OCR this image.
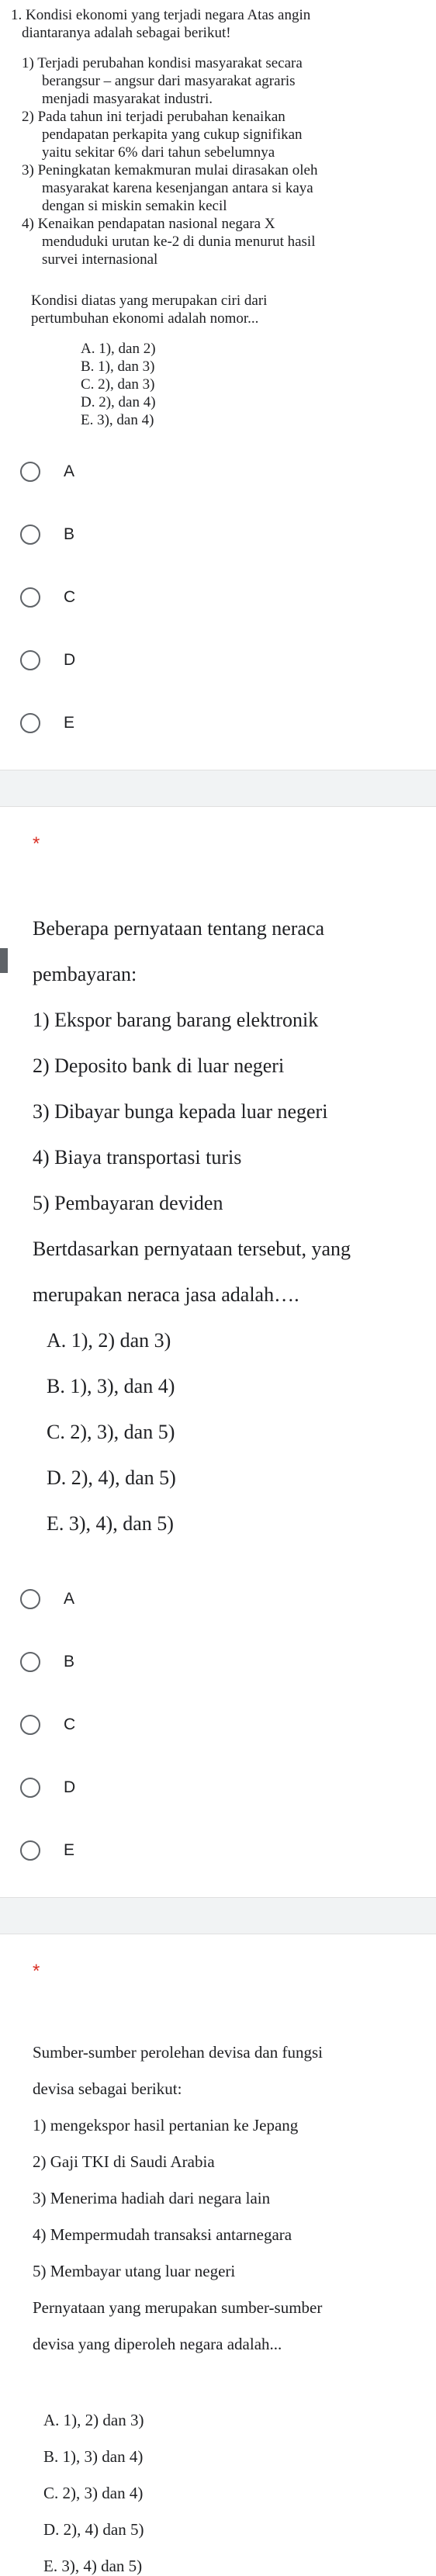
1. Kondisi ekonomi yang terjadi negara Atas angin

diantaranya adalah sebagai berikut!

1) Terjadi perubahan kondisi masyarakat secara

berangsur – angsur dari masyarakat agraris

menjadi masyarakat industri.

2) Pada tahun ini terjadi perubahan kenaikan

pendapatan perkapita yang cukup signifikan

yaitu sekitar 6% dari tahun sebelumnya

3) Peningkatan kemakmuran mulai dirasakan oleh

masyarakat karena kesenjangan antara si kaya

dengan si miskin semakin kecil

4) Kenaikan pendapatan nasional negara X

menduduki urutan ke-2 di dunia menurut hasil

survei internasional

Kondisi diatas yang merupakan ciri dari

pertumbuhan ekonomi adalah nomor...

A. 1), dan 2)

B. 1), dan 3)

C. 2), dan 3)

D. 2), dan 4)

E. 3), dan 4)

A
B
C
D
E
*

Beberapa pernyataan tentang neraca

pembayaran:

1) Ekspor barang barang elektronik

2) Deposito bank di luar negeri

3) Dibayar bunga kepada luar negeri

4) Biaya transportasi turis

5) Pembayaran deviden

Bertdasarkan pernyataan tersebut, yang

merupakan neraca jasa adalah….

A. 1), 2) dan 3)

B. 1), 3), dan 4)

C. 2), 3), dan 5)

D. 2), 4), dan 5)

E. 3), 4), dan 5)

A
B
C
D
E
*

Sumber-sumber perolehan devisa dan fungsi

devisa sebagai berikut:

1) mengekspor hasil pertanian ke Jepang

2) Gaji TKI di Saudi Arabia

3) Menerima hadiah dari negara lain

4) Mempermudah transaksi antarnegara

5) Membayar utang luar negeri

Pernyataan yang merupakan sumber-sumber

devisa yang diperoleh negara adalah...

A. 1), 2) dan 3)

B. 1), 3) dan 4)

C. 2), 3) dan 4)

D. 2), 4) dan 5)

E. 3), 4) dan 5)
